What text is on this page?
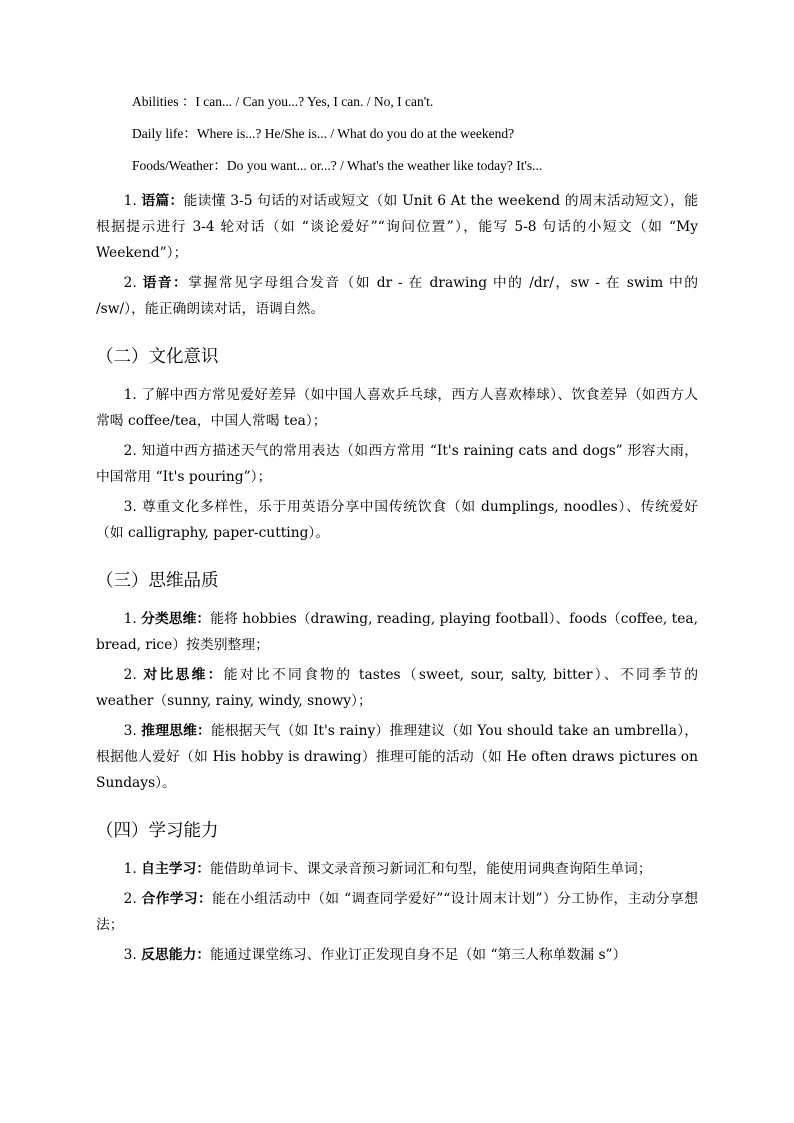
Abilities ：I can... / Can you...? Yes, I can. / No, I can't.

Daily life：Where is...? He/She is... / What do you do at the weekend?

Foods/Weather：Do you want... or...? / What's the weather like today? It's...

1. 语篇：能读懂 3-5 句话的对话或短文（如 Unit 6 At the weekend 的周末活动短文），能根据提示进行 3-4 轮对话（如 “谈论爱好”“询问位置”），能写 5-8 句话的小短文（如 “My Weekend”）；

2. 语音：掌握常见字母组合发音（如 dr - 在 drawing 中的 /dr/，sw - 在 swim 中的 /sw/），能正确朗读对话，语调自然。

（二）文化意识

1. 了解中西方常见爱好差异（如中国人喜欢乒乓球，西方人喜欢棒球）、饮食差异（如西方人常喝 coffee/tea，中国人常喝 tea）；

2. 知道中西方描述天气的常用表达（如西方常用 “It's raining cats and dogs” 形容大雨，中国常用 “It's pouring”）；

3. 尊重文化多样性，乐于用英语分享中国传统饮食（如 dumplings, noodles）、传统爱好（如 calligraphy, paper-cutting）。

（三）思维品质

1. 分类思维：能将 hobbies（drawing, reading, playing football）、foods（coffee, tea, bread, rice）按类别整理；

2. 对比思维：能对比不同食物的 tastes（sweet, sour, salty, bitter）、不同季节的 weather（sunny, rainy, windy, snowy）；

3. 推理思维：能根据天气（如 It's rainy）推理建议（如 You should take an umbrella），根据他人爱好（如 His hobby is drawing）推理可能的活动（如 He often draws pictures on Sundays）。

（四）学习能力

1. 自主学习：能借助单词卡、课文录音预习新词汇和句型，能使用词典查询陌生单词；

2. 合作学习：能在小组活动中（如 “调查同学爱好”“设计周末计划”）分工协作，主动分享想法；

3. 反思能力：能通过课堂练习、作业订正发现自身不足（如 “第三人称单数漏 s”）
